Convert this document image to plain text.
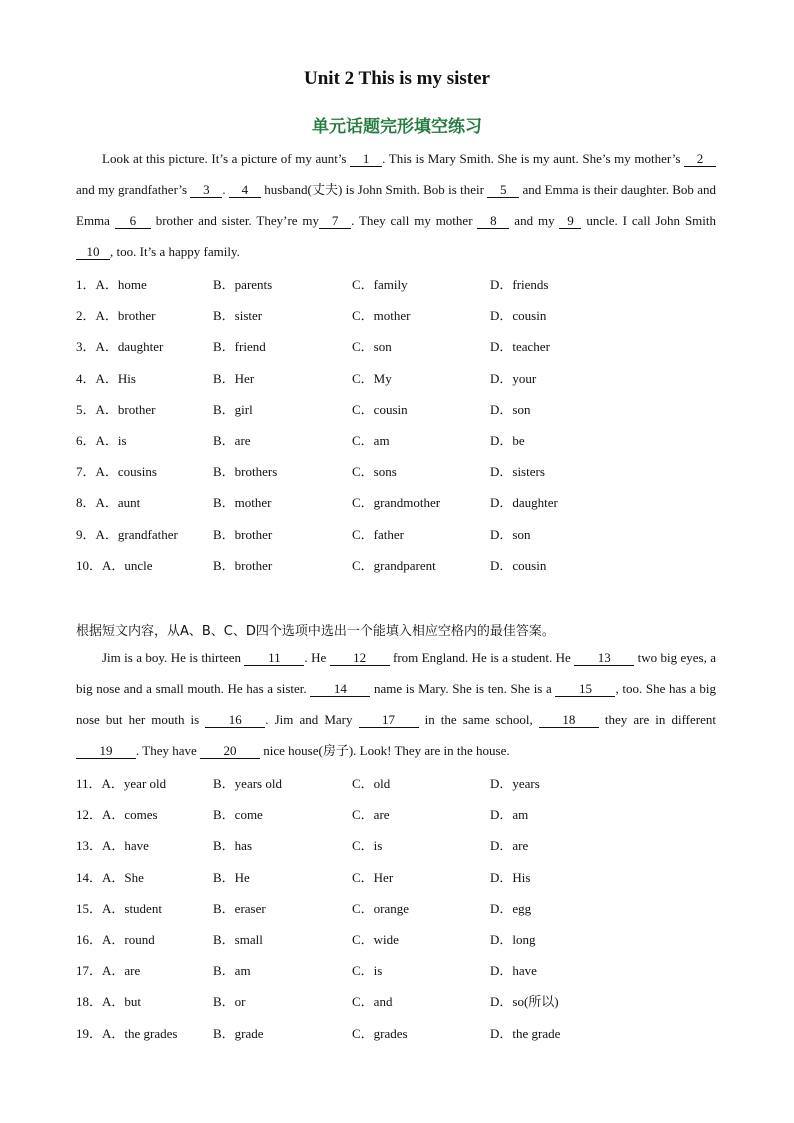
Unit 2 This is my sister
单元话题完形填空练习
Look at this picture. It’s a picture of my aunt’s 1 . This is Mary Smith. She is my aunt. She’s my mother’s 2 and my grandfather’s 3 . 4 husband(丈夫) is John Smith. Bob is their 5 and Emma is their daughter. Bob and Emma 6 brother and sister. They’re my 7 . They call my mother 8 and my 9 uncle. I call John Smith 10 , too. It’s a happy family.
1．A．home	B．parents	C．family	D．friends
2．A．brother	B．sister	C．mother	D．cousin
3．A．daughter	B．friend	C．son	D．teacher
4．A．His	B．Her	C．My	D．your
5．A．brother	B．girl	C．cousin	D．son
6．A．is	B．are	C．am	D．be
7．A．cousins	B．brothers	C．sons	D．sisters
8．A．aunt	B．mother	C．grandmother	D．daughter
9．A．grandfather	B．brother	C．father	D．son
10．A．uncle	B．brother	C．grandparent	D．cousin
根据短文内容，从A、B、C、D四个选项中选出一个能填入相应空格内的最佳答案。
Jim is a boy. He is thirteen 11 . He 12 from England. He is a student. He 13 two big eyes, a big nose and a small mouth. He has a sister. 14 name is Mary. She is ten. She is a 15 , too. She has a big nose but her mouth is 16 . Jim and Mary 17 in the same school, 18 they are in different 19 . They have 20 nice house(房子). Look! They are in the house.
11．A．year old	B．years old	C．old	D．years
12．A．comes	B．come	C．are	D．am
13．A．have	B．has	C．is	D．are
14．A．She	B．He	C．Her	D．His
15．A．student	B．eraser	C．orange	D．egg
16．A．round	B．small	C．wide	D．long
17．A．are	B．am	C．is	D．have
18．A．but	B．or	C．and	D．so(所以)
19．A．the grades	B．grade	C．grades	D．the grade
